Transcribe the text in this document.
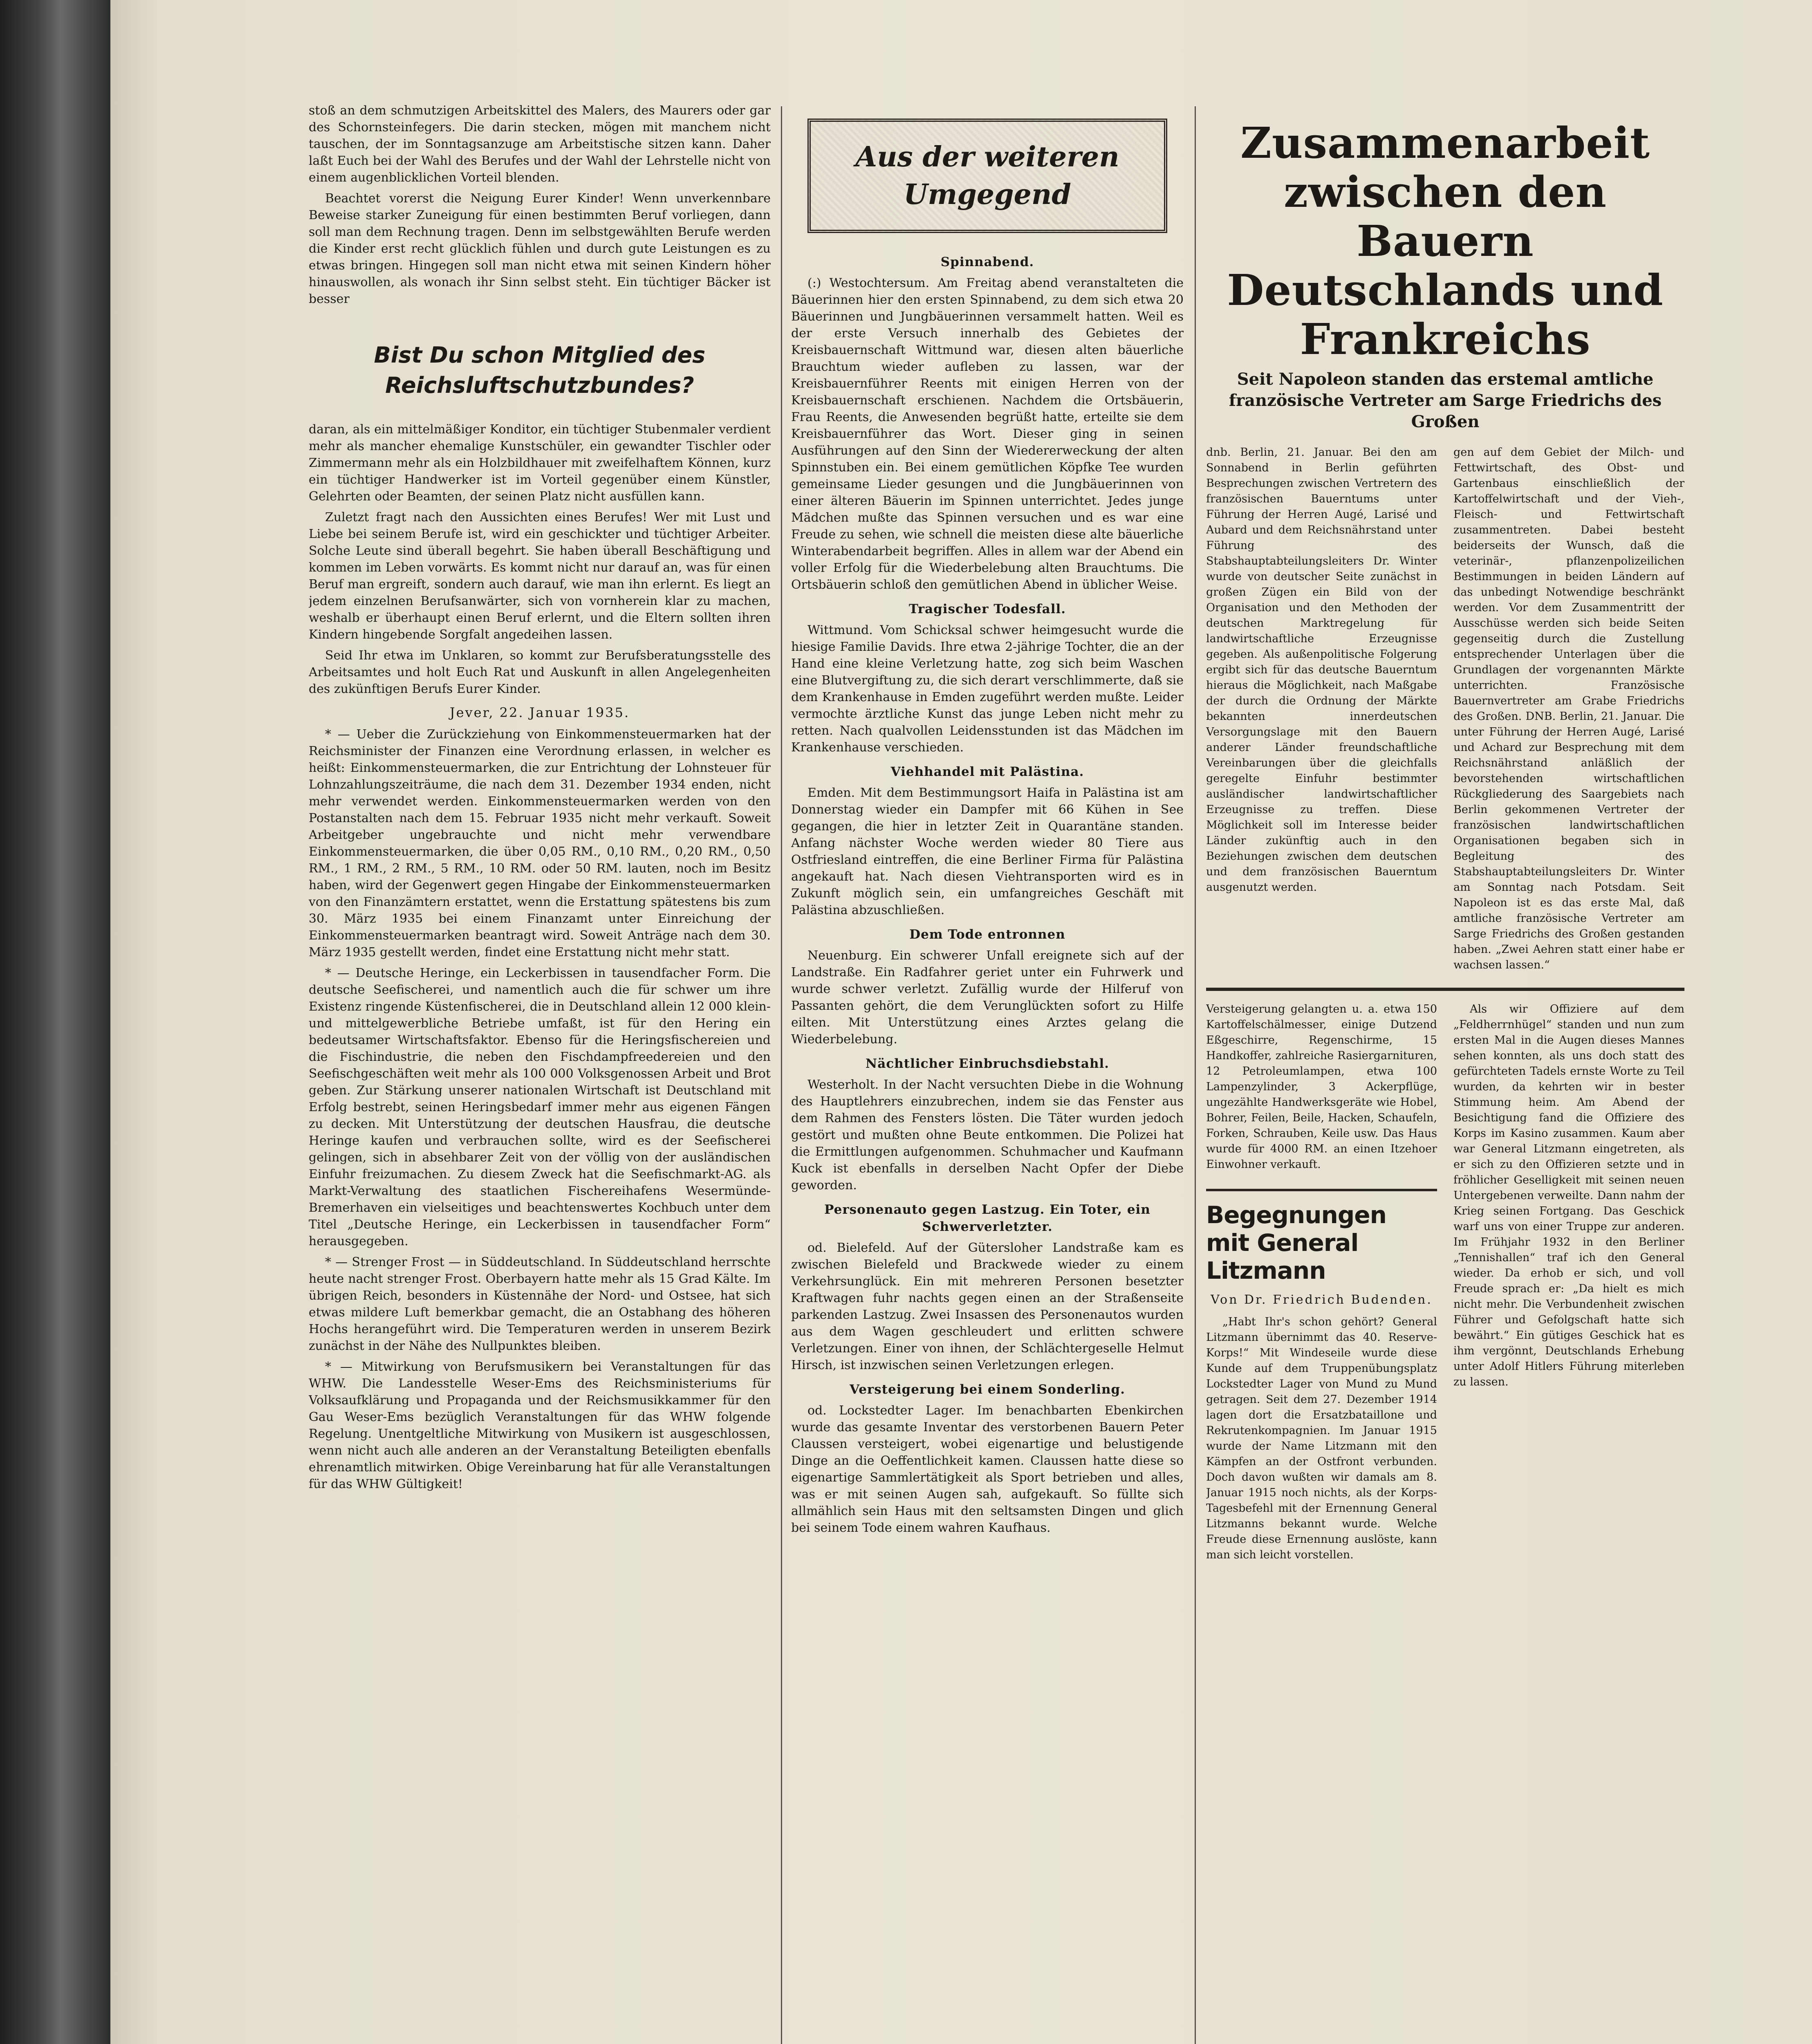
stoß an dem schmutzigen Arbeitskittel des Malers, des Maurers oder gar des Schornsteinfegers. Die darin stecken, mögen mit manchem nicht tauschen, der im Sonntagsanzuge am Arbeitstische sitzen kann. Daher laßt Euch bei der Wahl des Berufes und der Wahl der Lehrstelle nicht von einem augenblicklichen Vorteil blenden.

Beachtet vorerst die Neigung Eurer Kinder! Wenn unverkennbare Beweise starker Zuneigung für einen bestimmten Beruf vorliegen, dann soll man dem Rechnung tragen. Denn im selbstgewählten Berufe werden die Kinder erst recht glücklich fühlen und durch gute Leistungen es zu etwas bringen. Hingegen soll man nicht etwa mit seinen Kindern höher hinauswollen, als wonach ihr Sinn selbst steht. Ein tüchtiger Bäcker ist besser

Bist Du schon Mitglied des Reichsluftschutzbundes?

daran, als ein mittelmäßiger Konditor, ein tüchtiger Stubenmaler verdient mehr als mancher ehemalige Kunstschüler, ein gewandter Tischler oder Zimmermann mehr als ein Holzbildhauer mit zweifelhaftem Können, kurz ein tüchtiger Handwerker ist im Vorteil gegenüber einem Künstler, Gelehrten oder Beamten, der seinen Platz nicht ausfüllen kann.

Zuletzt fragt nach den Aussichten eines Berufes! Wer mit Lust und Liebe bei seinem Berufe ist, wird ein geschickter und tüchtiger Arbeiter. Solche Leute sind überall begehrt. Sie haben überall Beschäftigung und kommen im Leben vorwärts. Es kommt nicht nur darauf an, was für einen Beruf man ergreift, sondern auch darauf, wie man ihn erlernt. Es liegt an jedem einzelnen Berufsanwärter, sich von vornherein klar zu machen, weshalb er überhaupt einen Beruf erlernt, und die Eltern sollten ihren Kindern hingebende Sorgfalt angedeihen lassen.

Seid Ihr etwa im Unklaren, so kommt zur Berufsberatungsstelle des Arbeitsamtes und holt Euch Rat und Auskunft in allen Angelegenheiten des zukünftigen Berufs Eurer Kinder.

Jever, 22. Januar 1935.

* — Ueber die Zurückziehung von Einkommensteuermarken hat der Reichsminister der Finanzen eine Verordnung erlassen, in welcher es heißt: Einkommensteuermarken, die zur Entrichtung der Lohnsteuer für Lohnzahlungszeiträume, die nach dem 31. Dezember 1934 enden, nicht mehr verwendet werden. Einkommensteuermarken werden von den Postanstalten nach dem 15. Februar 1935 nicht mehr verkauft. Soweit Arbeitgeber ungebrauchte und nicht mehr verwendbare Einkommensteuermarken, die über 0,05 RM., 0,10 RM., 0,20 RM., 0,50 RM., 1 RM., 2 RM., 5 RM., 10 RM. oder 50 RM. lauten, noch im Besitz haben, wird der Gegenwert gegen Hingabe der Einkommensteuermarken von den Finanzämtern erstattet, wenn die Erstattung spätestens bis zum 30. März 1935 bei einem Finanzamt unter Einreichung der Einkommensteuermarken beantragt wird. Soweit Anträge nach dem 30. März 1935 gestellt werden, findet eine Erstattung nicht mehr statt.

* — Deutsche Heringe, ein Leckerbissen in tausendfacher Form. Die deutsche Seefischerei, und namentlich auch die für schwer um ihre Existenz ringende Küstenfischerei, die in Deutschland allein 12 000 klein- und mittelgewerbliche Betriebe umfaßt, ist für den Hering ein bedeutsamer Wirtschaftsfaktor. Ebenso für die Heringsfischereien und die Fischindustrie, die neben den Fischdampfreedereien und den Seefischgeschäften weit mehr als 100 000 Volksgenossen Arbeit und Brot geben. Zur Stärkung unserer nationalen Wirtschaft ist Deutschland mit Erfolg bestrebt, seinen Heringsbedarf immer mehr aus eigenen Fängen zu decken. Mit Unterstützung der deutschen Hausfrau, die deutsche Heringe kaufen und verbrauchen sollte, wird es der Seefischerei gelingen, sich in absehbarer Zeit von der völlig von der ausländischen Einfuhr freizumachen. Zu diesem Zweck hat die Seefischmarkt-AG. als Markt-Verwaltung des staatlichen Fischereihafens Wesermünde-Bremerhaven ein vielseitiges und beachtenswertes Kochbuch unter dem Titel „Deutsche Heringe, ein Leckerbissen in tausendfacher Form“ herausgegeben.

* — Strenger Frost — in Süddeutschland. In Süddeutschland herrschte heute nacht strenger Frost. Oberbayern hatte mehr als 15 Grad Kälte. Im übrigen Reich, besonders in Küstennähe der Nord- und Ostsee, hat sich etwas mildere Luft bemerkbar gemacht, die an Ostabhang des höheren Hochs herangeführt wird. Die Temperaturen werden in unserem Bezirk zunächst in der Nähe des Nullpunktes bleiben.

* — Mitwirkung von Berufsmusikern bei Veranstaltungen für das WHW. Die Landesstelle Weser-Ems des Reichsministeriums für Volksaufklärung und Propaganda und der Reichsmusikkammer für den Gau Weser-Ems bezüglich Veranstaltungen für das WHW folgende Regelung. Unentgeltliche Mitwirkung von Musikern ist ausgeschlossen, wenn nicht auch alle anderen an der Veranstaltung Beteiligten ebenfalls ehrenamtlich mitwirken. Obige Vereinbarung hat für alle Veranstaltungen für das WHW Gültigkeit!

Aus der weiteren
Umgegend
Spinnabend.

(:) Westochtersum. Am Freitag abend veranstalteten die Bäuerinnen hier den ersten Spinnabend, zu dem sich etwa 20 Bäuerinnen und Jungbäuerinnen versammelt hatten. Weil es der erste Versuch innerhalb des Gebietes der Kreisbauernschaft Wittmund war, diesen alten bäuerliche Brauchtum wieder aufleben zu lassen, war der Kreisbauernführer Reents mit einigen Herren von der Kreisbauernschaft erschienen. Nachdem die Ortsbäuerin, Frau Reents, die Anwesenden begrüßt hatte, erteilte sie dem Kreisbauernführer das Wort. Dieser ging in seinen Ausführungen auf den Sinn der Wiedererweckung der alten Spinnstuben ein. Bei einem gemütlichen Köpfke Tee wurden gemeinsame Lieder gesungen und die Jungbäuerinnen von einer älteren Bäuerin im Spinnen unterrichtet. Jedes junge Mädchen mußte das Spinnen versuchen und es war eine Freude zu sehen, wie schnell die meisten diese alte bäuerliche Winterabendarbeit begriffen. Alles in allem war der Abend ein voller Erfolg für die Wiederbelebung alten Brauchtums. Die Ortsbäuerin schloß den gemütlichen Abend in üblicher Weise.

Tragischer Todesfall.

Wittmund. Vom Schicksal schwer heimgesucht wurde die hiesige Familie Davids. Ihre etwa 2-jährige Tochter, die an der Hand eine kleine Verletzung hatte, zog sich beim Waschen eine Blutvergiftung zu, die sich derart verschlimmerte, daß sie dem Krankenhause in Emden zugeführt werden mußte. Leider vermochte ärztliche Kunst das junge Leben nicht mehr zu retten. Nach qualvollen Leidensstunden ist das Mädchen im Krankenhause verschieden.

Viehhandel mit Palästina.

Emden. Mit dem Bestimmungsort Haifa in Palästina ist am Donnerstag wieder ein Dampfer mit 66 Kühen in See gegangen, die hier in letzter Zeit in Quarantäne standen. Anfang nächster Woche werden wieder 80 Tiere aus Ostfriesland eintreffen, die eine Berliner Firma für Palästina angekauft hat. Nach diesen Viehtransporten wird es in Zukunft möglich sein, ein umfangreiches Geschäft mit Palästina abzuschließen.

Dem Tode entronnen

Neuenburg. Ein schwerer Unfall ereignete sich auf der Landstraße. Ein Radfahrer geriet unter ein Fuhrwerk und wurde schwer verletzt. Zufällig wurde der Hilferuf von Passanten gehört, die dem Verunglückten sofort zu Hilfe eilten. Mit Unterstützung eines Arztes gelang die Wiederbelebung.

Nächtlicher Einbruchsdiebstahl.

Westerholt. In der Nacht versuchten Diebe in die Wohnung des Hauptlehrers einzubrechen, indem sie das Fenster aus dem Rahmen des Fensters lösten. Die Täter wurden jedoch gestört und mußten ohne Beute entkommen. Die Polizei hat die Ermittlungen aufgenommen. Schuhmacher und Kaufmann Kuck ist ebenfalls in derselben Nacht Opfer der Diebe geworden.

Personenauto gegen Lastzug. Ein Toter, ein Schwerverletzter.

od. Bielefeld. Auf der Gütersloher Landstraße kam es zwischen Bielefeld und Brackwede wieder zu einem Verkehrsunglück. Ein mit mehreren Personen besetzter Kraftwagen fuhr nachts gegen einen an der Straßenseite parkenden Lastzug. Zwei Insassen des Personenautos wurden aus dem Wagen geschleudert und erlitten schwere Verletzungen. Einer von ihnen, der Schlächtergeselle Helmut Hirsch, ist inzwischen seinen Verletzungen erlegen.

Versteigerung bei einem Sonderling.

od. Lockstedter Lager. Im benachbarten Ebenkirchen wurde das gesamte Inventar des verstorbenen Bauern Peter Claussen versteigert, wobei eigenartige und belustigende Dinge an die Oeffentlichkeit kamen. Claussen hatte diese so eigenartige Sammlertätigkeit als Sport betrieben und alles, was er mit seinen Augen sah, aufgekauft. So füllte sich allmählich sein Haus mit den seltsamsten Dingen und glich bei seinem Tode einem wahren Kaufhaus.

Zusammenarbeit zwischen den Bauern Deutschlands und Frankreichs
Seit Napoleon standen das erstemal amtliche französische Vertreter am Sarge Friedrichs des Großen

dnb. Berlin, 21. Januar. Bei den am Sonnabend in Berlin geführten Besprechungen zwischen Vertretern des französischen Bauerntums unter Führung der Herren Augé, Larisé und Aubard und dem Reichsnährstand unter Führung des Stabshauptabteilungsleiters Dr. Winter wurde von deutscher Seite zunächst in großen Zügen ein Bild von der Organisation und den Methoden der deutschen Marktregelung für landwirtschaftliche Erzeugnisse gegeben. Als außenpolitische Folgerung ergibt sich für das deutsche Bauerntum hieraus die Möglichkeit, nach Maßgabe der durch die Ordnung der Märkte bekannten innerdeutschen Versorgungslage mit den Bauern anderer Länder freundschaftliche Vereinbarungen über die gleichfalls geregelte Einfuhr bestimmter ausländischer landwirtschaftlicher Erzeugnisse zu treffen. Diese Möglichkeit soll im Interesse beider Länder zukünftig auch in den Beziehungen zwischen dem deutschen und dem französischen Bauerntum ausgenutzt werden.

gen auf dem Gebiet der Milch- und Fettwirtschaft, des Obst- und Gartenbaus einschließlich der Kartoffelwirtschaft und der Vieh-, Fleisch- und Fettwirtschaft zusammentreten. Dabei besteht beiderseits der Wunsch, daß die veterinär-, pflanzenpolizeilichen Bestimmungen in beiden Ländern auf das unbedingt Notwendige beschränkt werden. Vor dem Zusammentritt der Ausschüsse werden sich beide Seiten gegenseitig durch die Zustellung entsprechender Unterlagen über die Grundlagen der vorgenannten Märkte unterrichten. Französische Bauernvertreter am Grabe Friedrichs des Großen. DNB. Berlin, 21. Januar. Die unter Führung der Herren Augé, Larisé und Achard zur Besprechung mit dem Reichsnährstand anläßlich der bevorstehenden wirtschaftlichen Rückgliederung des Saargebiets nach Berlin gekommenen Vertreter der französischen landwirtschaftlichen Organisationen begaben sich in Begleitung des Stabshauptabteilungsleiters Dr. Winter am Sonntag nach Potsdam. Seit Napoleon ist es das erste Mal, daß amtliche französische Vertreter am Sarge Friedrichs des Großen gestanden haben. „Zwei Aehren statt einer habe er wachsen lassen.“

Versteigerung gelangten u. a. etwa 150 Kartoffelschälmesser, einige Dutzend Eßgeschirre, Regenschirme, 15 Handkoffer, zahlreiche Rasiergarnituren, 12 Petroleumlampen, etwa 100 Lampenzylinder, 3 Ackerpflüge, ungezählte Handwerksgeräte wie Hobel, Bohrer, Feilen, Beile, Hacken, Schaufeln, Forken, Schrauben, Keile usw. Das Haus wurde für 4000 RM. an einen Itzehoer Einwohner verkauft.

Begegnungen mit General Litzmann
Von Dr. Friedrich Budenden.

„Habt Ihr's schon gehört? General Litzmann übernimmt das 40. Reserve-Korps!“ Mit Windeseile wurde diese Kunde auf dem Truppenübungsplatz Lockstedter Lager von Mund zu Mund getragen. Seit dem 27. Dezember 1914 lagen dort die Ersatzbataillone und Rekrutenkompagnien. Im Januar 1915 wurde der Name Litzmann mit den Kämpfen an der Ostfront verbunden. Doch davon wußten wir damals am 8. Januar 1915 noch nichts, als der Korps-Tagesbefehl mit der Ernennung General Litzmanns bekannt wurde. Welche Freude diese Ernennung auslöste, kann man sich leicht vorstellen.

Als wir Offiziere auf dem „Feldherrnhügel“ standen und nun zum ersten Mal in die Augen dieses Mannes sehen konnten, als uns doch statt des gefürchteten Tadels ernste Worte zu Teil wurden, da kehrten wir in bester Stimmung heim. Am Abend der Besichtigung fand die Offiziere des Korps im Kasino zusammen. Kaum aber war General Litzmann eingetreten, als er sich zu den Offizieren setzte und in fröhlicher Geselligkeit mit seinen neuen Untergebenen verweilte. Dann nahm der Krieg seinen Fortgang. Das Geschick warf uns von einer Truppe zur anderen. Im Frühjahr 1932 in den Berliner „Tennishallen“ traf ich den General wieder. Da erhob er sich, und voll Freude sprach er: „Da hielt es mich nicht mehr. Die Verbundenheit zwischen Führer und Gefolgschaft hatte sich bewährt.“ Ein gütiges Geschick hat es ihm vergönnt, Deutschlands Erhebung unter Adolf Hitlers Führung miterleben zu lassen.
